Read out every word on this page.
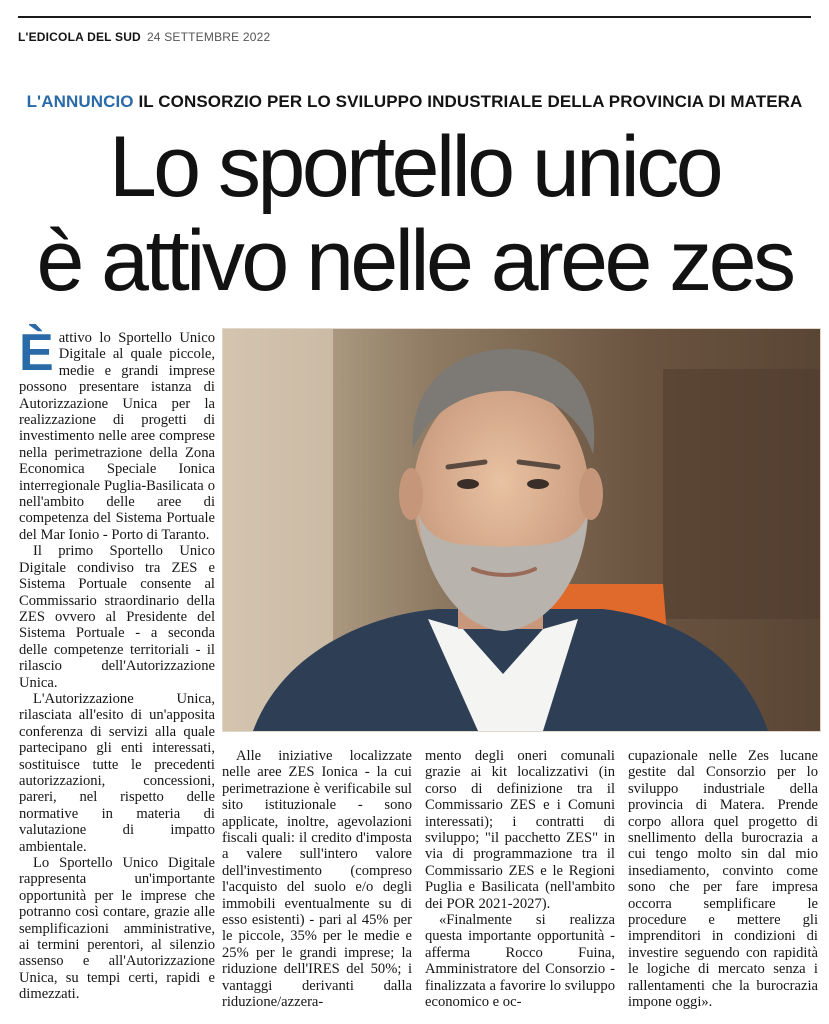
L'EDICOLA DEL SUD 24 SETTEMBRE 2022
L'ANNUNCIO IL CONSORZIO PER LO SVILUPPO INDUSTRIALE DELLA PROVINCIA DI MATERA
Lo sportello unico
è attivo nelle aree zes

Èattivo lo Sportello Unico Digitale al quale piccole, medie e grandi imprese possono presentare istanza di Autorizzazione Unica per la realizzazione di progetti di investimento nelle aree comprese nella perimetrazione della Zona Economica Speciale Ionica interregionale Puglia-Basilicata o nell'ambito delle aree di competenza del Sistema Portuale del Mar Ionio - Porto di Taranto.

Il primo Sportello Unico Digitale condiviso tra ZES e Sistema Portuale consente al Commissario straordinario della ZES ovvero al Presidente del Sistema Portuale - a seconda delle competenze territoriali - il rilascio dell'Autorizzazione Unica.

L'Autorizzazione Unica, rilasciata all'esito di un'apposita conferenza di servizi alla quale partecipano gli enti interessati, sostituisce tutte le precedenti autorizzazioni, concessioni, pareri, nel rispetto delle normative in materia di valutazione di impatto ambientale.

Lo Sportello Unico Digitale rappresenta un'importante opportunità per le imprese che potranno così contare, grazie alle semplificazioni amministrative, ai termini perentori, al silenzio assenso e all'Autorizzazione Unica, su tempi certi, rapidi e dimezzati.

Alle iniziative localizzate nelle aree ZES Ionica - la cui perimetrazione è verificabile sul sito istituzionale - sono applicate, inoltre, agevolazioni fiscali quali: il credito d'imposta a valere sull'intero valore dell'investimento (compreso l'acquisto del suolo e/o degli immobili eventualmente su di esso esistenti) - pari al 45% per le piccole, 35% per le medie e 25% per le grandi imprese; la riduzione dell'IRES del 50%; i vantaggi derivanti dalla riduzione/azzera-

mento degli oneri comunali grazie ai kit localizzativi (in corso di definizione tra il Commissario ZES e i Comuni interessati); i contratti di sviluppo; "il pacchetto ZES" in via di programmazione tra il Commissario ZES e le Regioni Puglia e Basilicata (nell'ambito dei POR 2021-2027).

«Finalmente si realizza questa importante opportunità - afferma Rocco Fuina, Amministratore del Consorzio - finalizzata a favorire lo sviluppo economico e oc-

cupazionale nelle Zes lucane gestite dal Consorzio per lo sviluppo industriale della provincia di Matera. Prende corpo allora quel progetto di snellimento della burocrazia a cui tengo molto sin dal mio insediamento, convinto come sono che per fare impresa occorra semplificare le procedure e mettere gli imprenditori in condizioni di investire seguendo con rapidità le logiche di mercato senza i rallentamenti che la burocrazia impone oggi».
